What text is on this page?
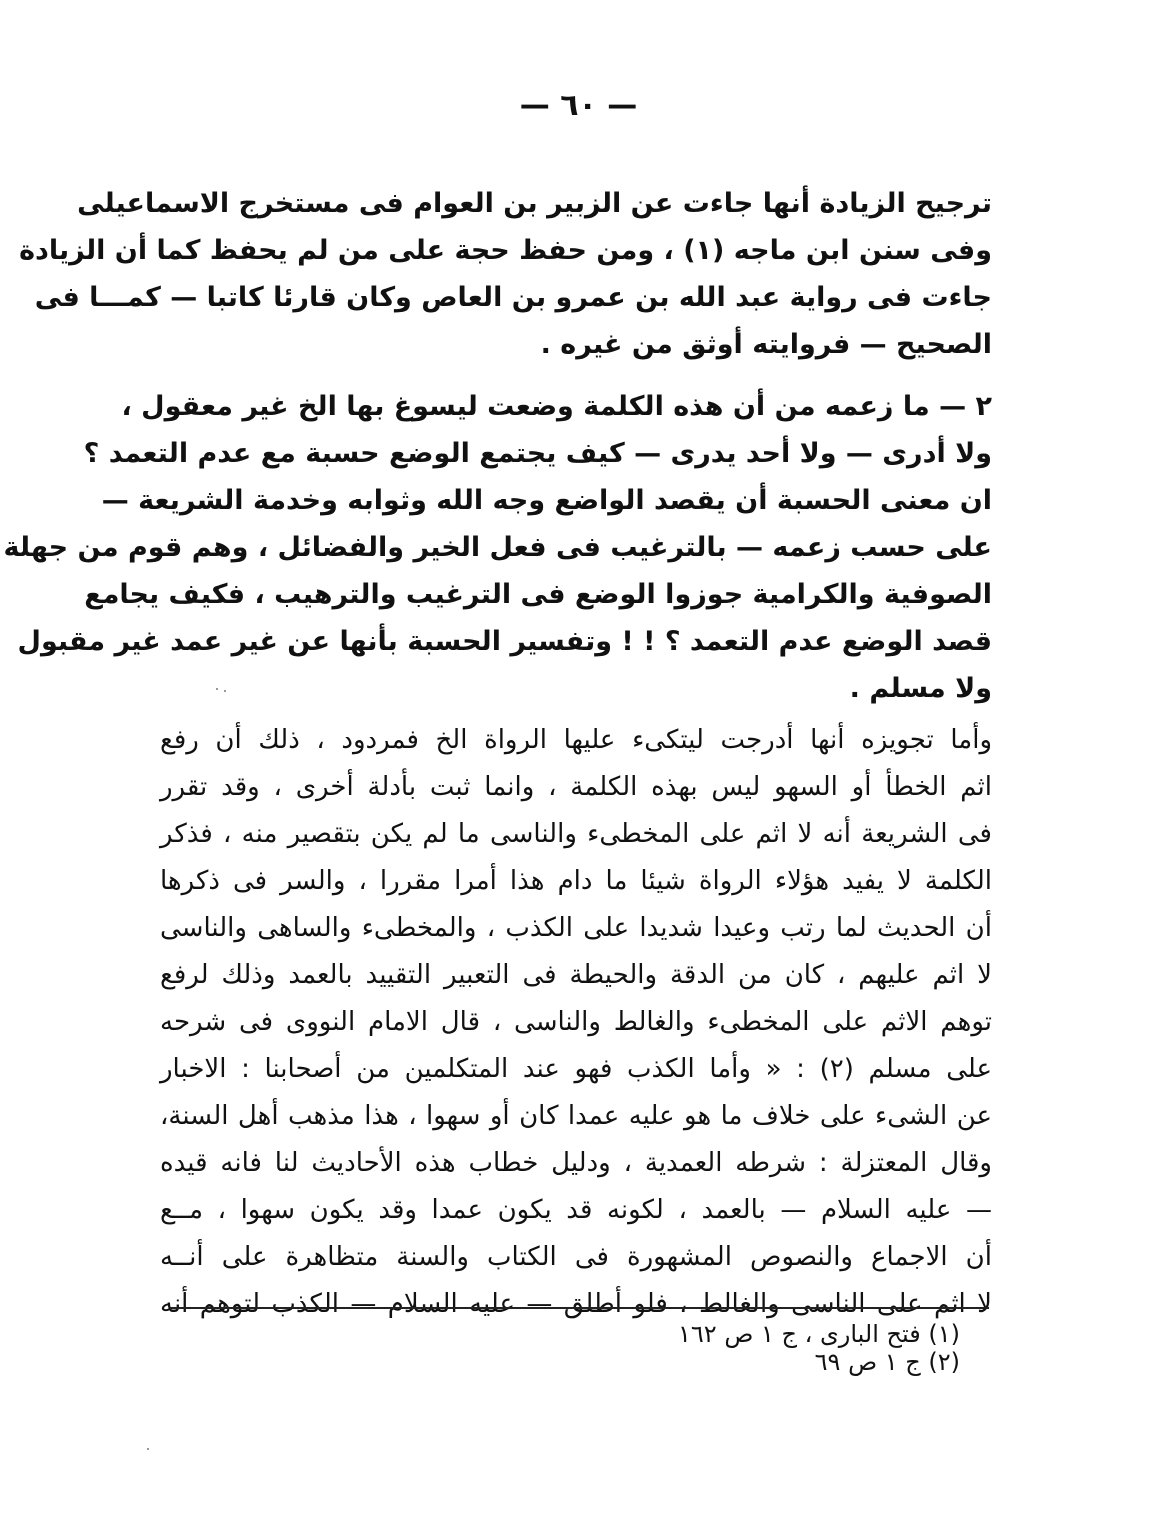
— ٦٠ —
ترجيح الزيادة أنها جاءت عن الزبير بن العوام فى مستخرج الاسماعيلى
وفى سنن ابن ماجه (١) ، ومن حفظ حجة على من لم يحفظ كما أن الزيادة
جاءت فى رواية عبد الله بن عمرو بن العاص وكان قارئا كاتبا — كمـــا فى
الصحيح — فروايته أوثق من غيره .
٢ — ما زعمه من أن هذه الكلمة وضعت ليسوغ بها الخ غير معقول ،
ولا أدرى — ولا أحد يدرى — كيف يجتمع الوضع حسبة مع عدم التعمد ؟
ان معنى الحسبة أن يقصد الواضع وجه الله وثوابه وخدمة الشريعة —
على حسب زعمه — بالترغيب فى فعل الخير والفضائل ، وهم قوم من جهلة
الصوفية والكرامية جوزوا الوضع فى الترغيب والترهيب ، فكيف يجامع
قصد الوضع عدم التعمد ؟ ! ! وتفسير الحسبة بأنها عن غير عمد غير مقبول
ولا مسلم .
وأما تجويزه أنها أدرجت ليتكىء عليها الرواة الخ فمردود ، ذلك أن رفع
اثم الخطأ أو السهو ليس بهذه الكلمة ، وانما ثبت بأدلة أخرى ، وقد تقرر
فى الشريعة أنه لا اثم على المخطىء والناسى ما لم يكن بتقصير منه ، فذكر
الكلمة لا يفيد هؤلاء الرواة شيئا ما دام هذا أمرا مقررا ، والسر فى ذكرها
أن الحديث لما رتب وعيدا شديدا على الكذب ، والمخطىء والساهى والناسى
لا اثم عليهم ، كان من الدقة والحيطة فى التعبير التقييد بالعمد وذلك لرفع
توهم الاثم على المخطىء والغالط والناسى ، قال الامام النووى فى شرحه
على مسلم (٢) : « وأما الكذب فهو عند المتكلمين من أصحابنا : الاخبار
عن الشىء على خلاف ما هو عليه عمدا كان أو سهوا ، هذا مذهب أهل السنة،
وقال المعتزلة : شرطه العمدية ، ودليل خطاب هذه الأحاديث لنا فانه قيده
— عليه السلام — بالعمد ، لكونه قد يكون عمدا وقد يكون سهوا ، مــع
أن الاجماع والنصوص المشهورة فى الكتاب والسنة متظاهرة على أنــه
لا اثم على الناسى والغالط ، فلو أطلق — عليه السلام — الكذب لتوهم أنه
(١) فتح البارى ، ج ١ ص ١٦٢
(٢) ج ١ ص ٦٩
